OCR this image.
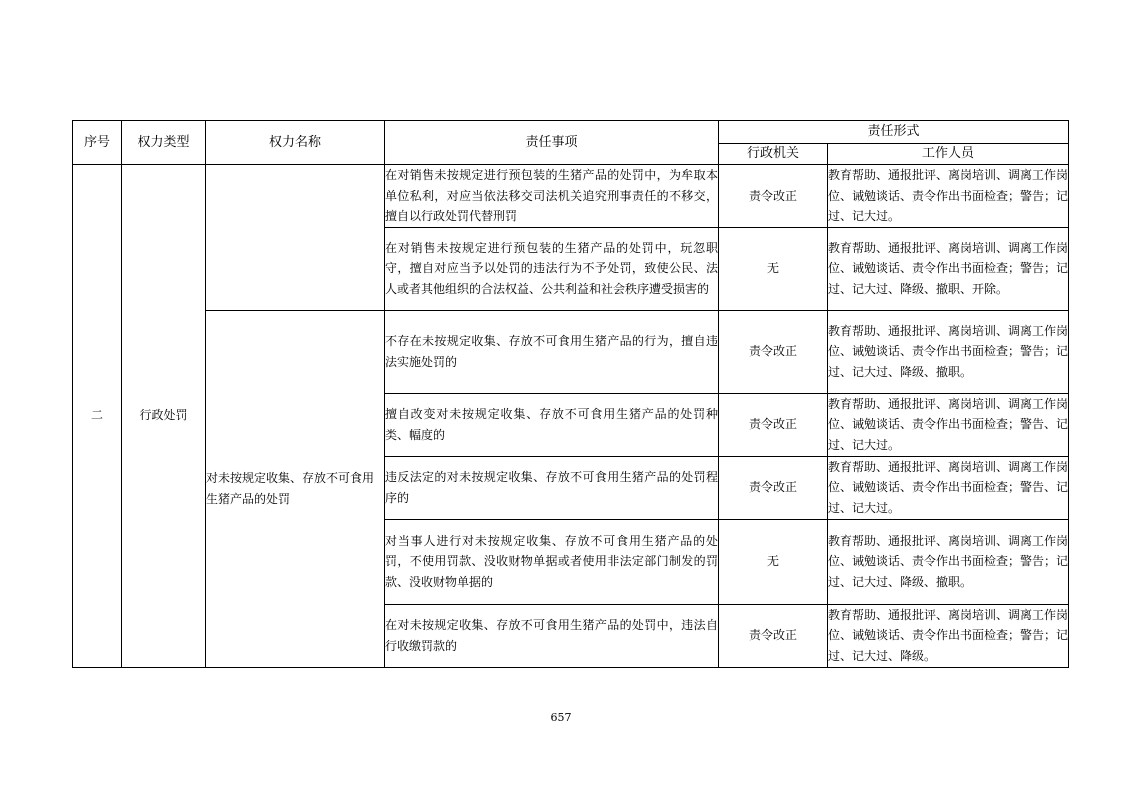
序号	权力类型	权力名称	责任事项	责任形式	
				行政机关	工作人员
二	行政处罚		在对销售未按规定进行预包装的生猪产品的处罚中，为牟取本单位私利，对应当依法移交司法机关追究刑事责任的不移交，擅自以行政处罚代替刑罚	责令改正	教育帮助、通报批评、离岗培训、调离工作岗位、诫勉谈话、责令作出书面检查；警告；记过、记大过。
			在对销售未按规定进行预包装的生猪产品的处罚中，玩忽职守，擅自对应当予以处罚的违法行为不予处罚，致使公民、法人或者其他组织的合法权益、公共利益和社会秩序遭受损害的	无	教育帮助、通报批评、离岗培训、调离工作岗位、诫勉谈话、责令作出书面检查；警告；记过、记大过、降级、撤职、开除。
		对未按规定收集、存放不可食用生猪产品的处罚	不存在未按规定收集、存放不可食用生猪产品的行为，擅自违法实施处罚的	责令改正	教育帮助、通报批评、离岗培训、调离工作岗位、诫勉谈话、责令作出书面检查；警告；记过、记大过、降级、撤职。
			擅自改变对未按规定收集、存放不可食用生猪产品的处罚种类、幅度的	责令改正	教育帮助、通报批评、离岗培训、调离工作岗位、诫勉谈话、责令作出书面检查；警告、记过、记大过。
			违反法定的对未按规定收集、存放不可食用生猪产品的处罚程序的	责令改正	教育帮助、通报批评、离岗培训、调离工作岗位、诫勉谈话、责令作出书面检查；警告、记过、记大过。
			对当事人进行对未按规定收集、存放不可食用生猪产品的处罚，不使用罚款、没收财物单据或者使用非法定部门制发的罚款、没收财物单据的	无	教育帮助、通报批评、离岗培训、调离工作岗位、诫勉谈话、责令作出书面检查；警告；记过、记大过、降级、撤职。
			在对未按规定收集、存放不可食用生猪产品的处罚中，违法自行收缴罚款的	责令改正	教育帮助、通报批评、离岗培训、调离工作岗位、诫勉谈话、责令作出书面检查；警告；记过、记大过、降级。
657
